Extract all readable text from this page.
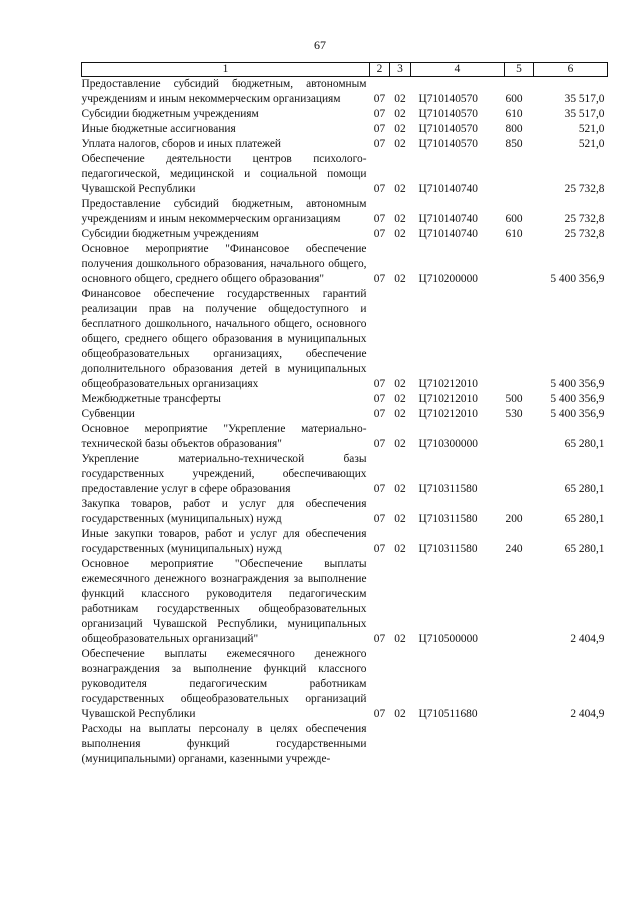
67
1	2	3	4	5	6
Предоставление субсидий бюджетным, автономным учреждениям и иным некоммерческим организациям	07	02	Ц710140570	600	35 517,0
Субсидии бюджетным учреждениям	07	02	Ц710140570	610	35 517,0
Иные бюджетные ассигнования	07	02	Ц710140570	800	521,0
Уплата налогов, сборов и иных платежей	07	02	Ц710140570	850	521,0
Обеспечение деятельности центров психолого-педагогической, медицинской и социальной помощи Чувашской Республики	07	02	Ц710140740		25 732,8
Предоставление субсидий бюджетным, автономным учреждениям и иным некоммерческим организациям	07	02	Ц710140740	600	25 732,8
Субсидии бюджетным учреждениям	07	02	Ц710140740	610	25 732,8
Основное мероприятие "Финансовое обеспечение получения дошкольного образования, начального общего, основного общего, среднего общего образования"	07	02	Ц710200000		5 400 356,9
Финансовое обеспечение государственных гарантий реализации прав на получение общедоступного и бесплатного дошкольного, начального общего, основного общего, среднего общего образования в муниципальных общеобразовательных организациях, обеспечение дополнительного образования детей в муниципальных общеобразовательных организациях	07	02	Ц710212010		5 400 356,9
Межбюджетные трансферты	07	02	Ц710212010	500	5 400 356,9
Субвенции	07	02	Ц710212010	530	5 400 356,9
Основное мероприятие "Укрепление материально-технической базы объектов образования"	07	02	Ц710300000		65 280,1
Укрепление материально-технической базы государственных учреждений, обеспечивающих предоставление услуг в сфере образования	07	02	Ц710311580		65 280,1
Закупка товаров, работ и услуг для обеспечения государственных (муниципальных) нужд	07	02	Ц710311580	200	65 280,1
Иные закупки товаров, работ и услуг для обеспечения государственных (муниципальных) нужд	07	02	Ц710311580	240	65 280,1
Основное мероприятие "Обеспечение выплаты ежемесячного денежного вознаграждения за выполнение функций классного руководителя педагогическим работникам государственных общеобразовательных организаций Чувашской Республики, муниципальных общеобразовательных организаций"	07	02	Ц710500000		2 404,9
Обеспечение выплаты ежемесячного денежного вознаграждения за выполнение функций классного руководителя педагогическим работникам государственных общеобразовательных организаций Чувашской Республики	07	02	Ц710511680		2 404,9
Расходы на выплаты персоналу в целях обеспечения выполнения функций государственными (муниципальными) органами, казенными учрежде-					
